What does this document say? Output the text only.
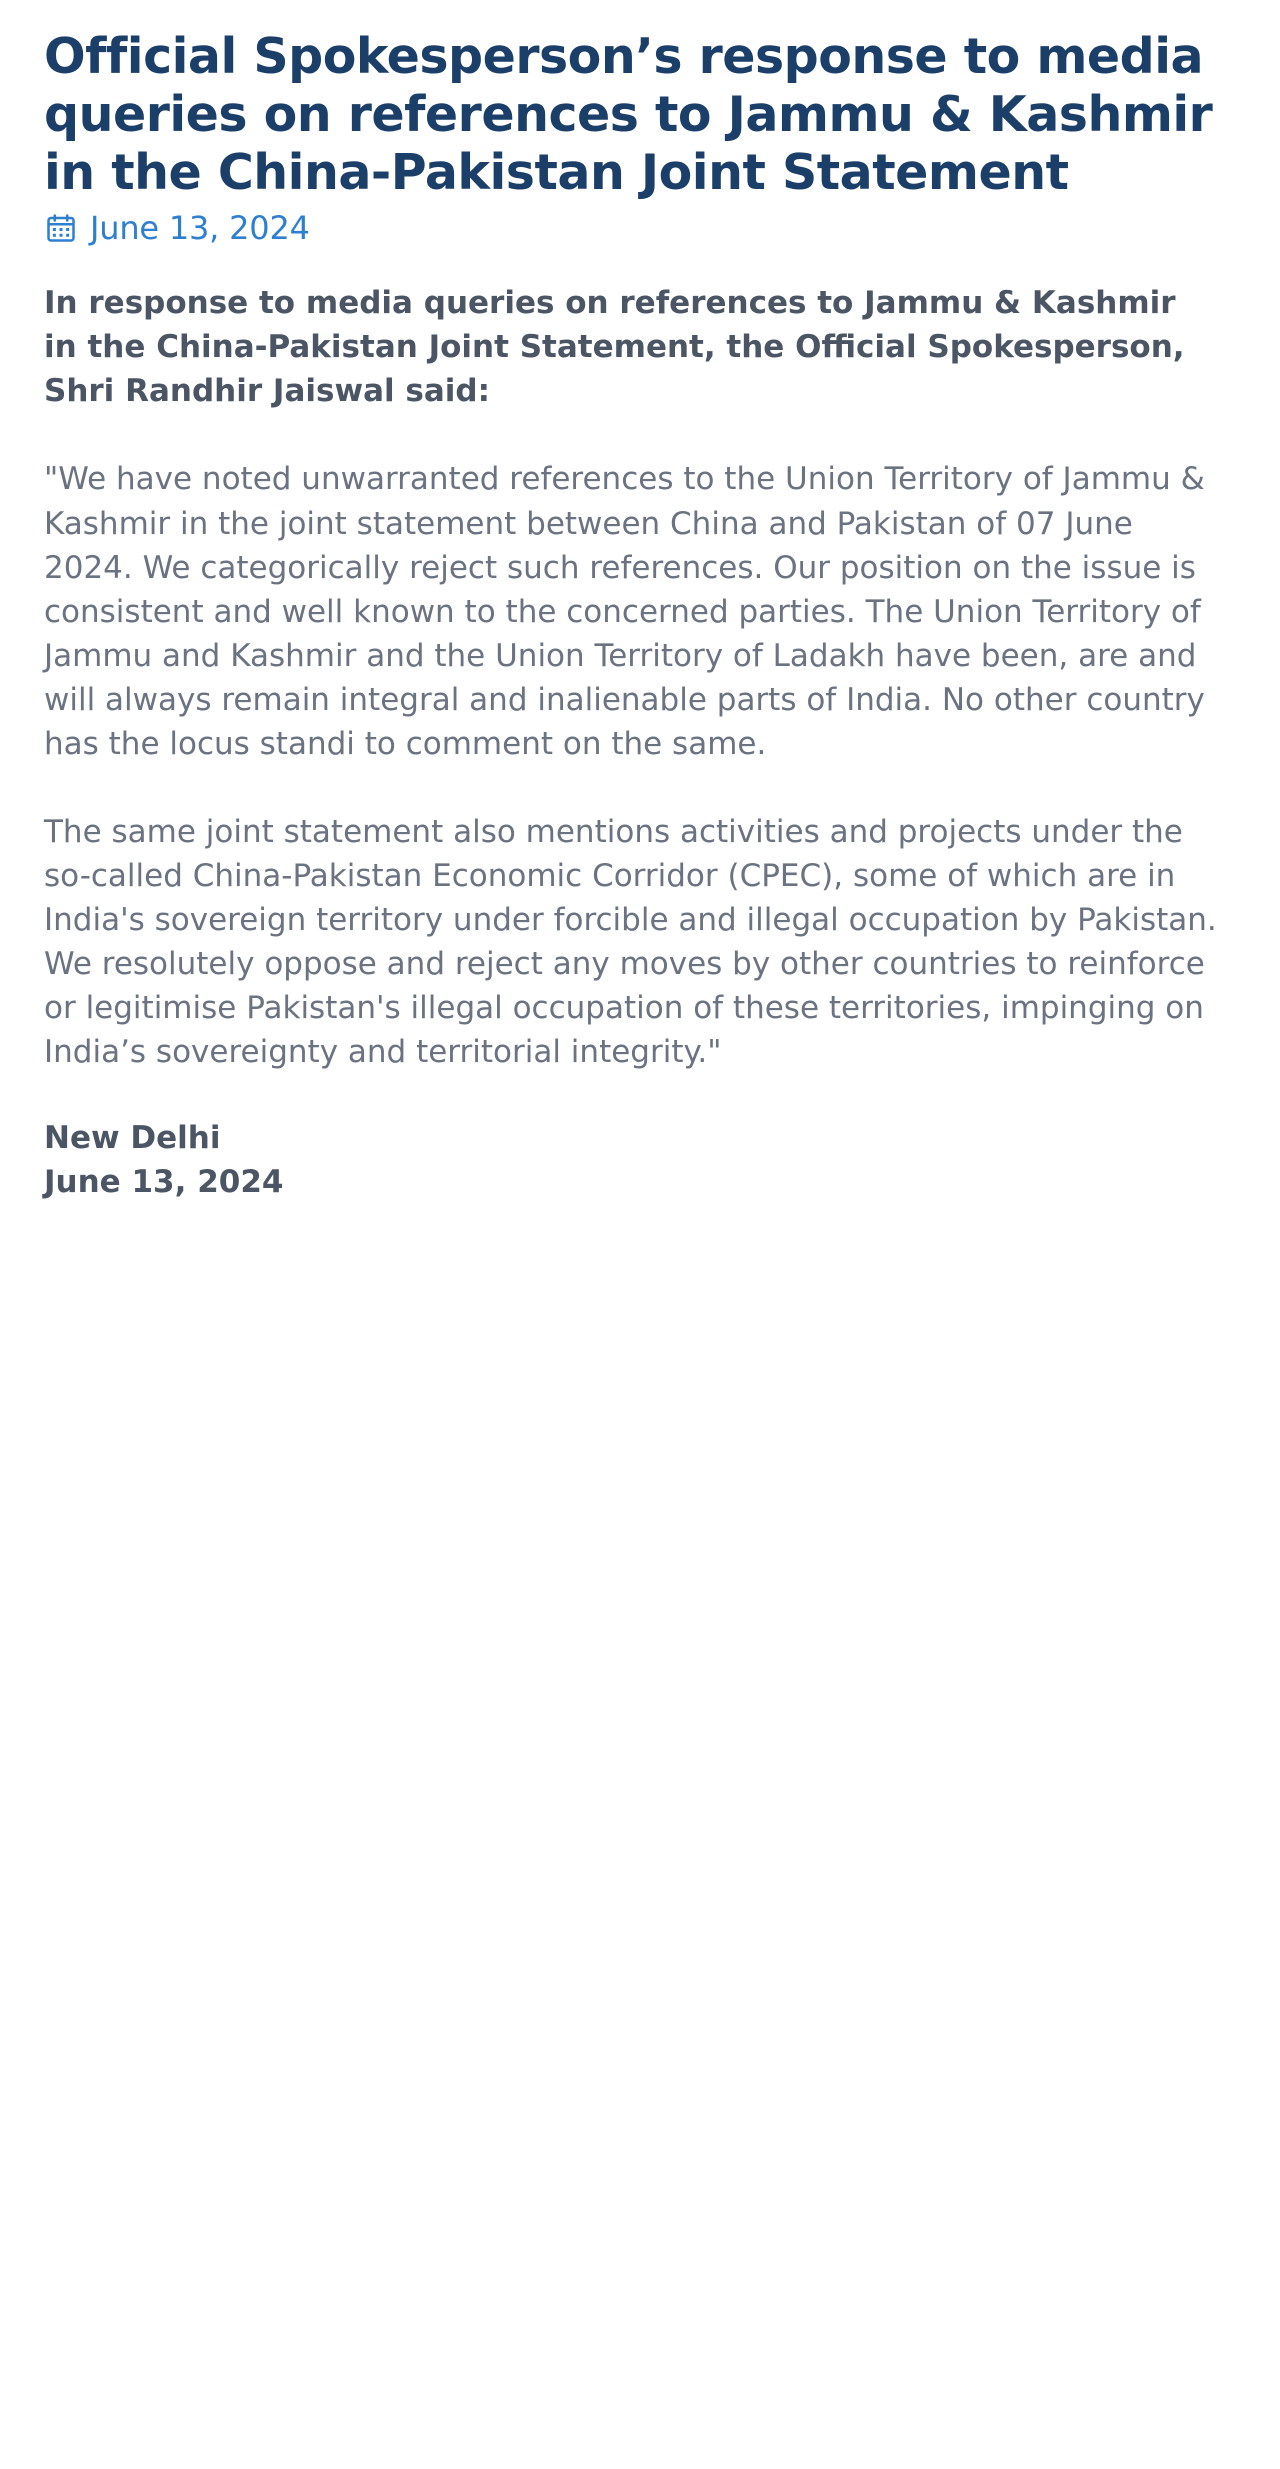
Official Spokesperson’s response to media queries on references to Jammu & Kashmir in the China-Pakistan Joint Statement
June 13, 2024

In response to media queries on references to Jammu & Kashmir in the China-Pakistan Joint Statement, the Official Spokesperson, Shri Randhir Jaiswal said:

"We have noted unwarranted references to the Union Territory of Jammu & Kashmir in the joint statement between China and Pakistan of 07 June 2024. We categorically reject such references. Our position on the issue is consistent and well known to the concerned parties. The Union Territory of Jammu and Kashmir and the Union Territory of Ladakh have been, are and will always remain integral and inalienable parts of India. No other country has the locus standi to comment on the same.

The same joint statement also mentions activities and projects under the so-called China-Pakistan Economic Corridor (CPEC), some of which are in India's sovereign territory under forcible and illegal occupation by Pakistan. We resolutely oppose and reject any moves by other countries to reinforce or legitimise Pakistan's illegal occupation of these territories, impinging on India’s sovereignty and territorial integrity."

New Delhi
June 13, 2024
